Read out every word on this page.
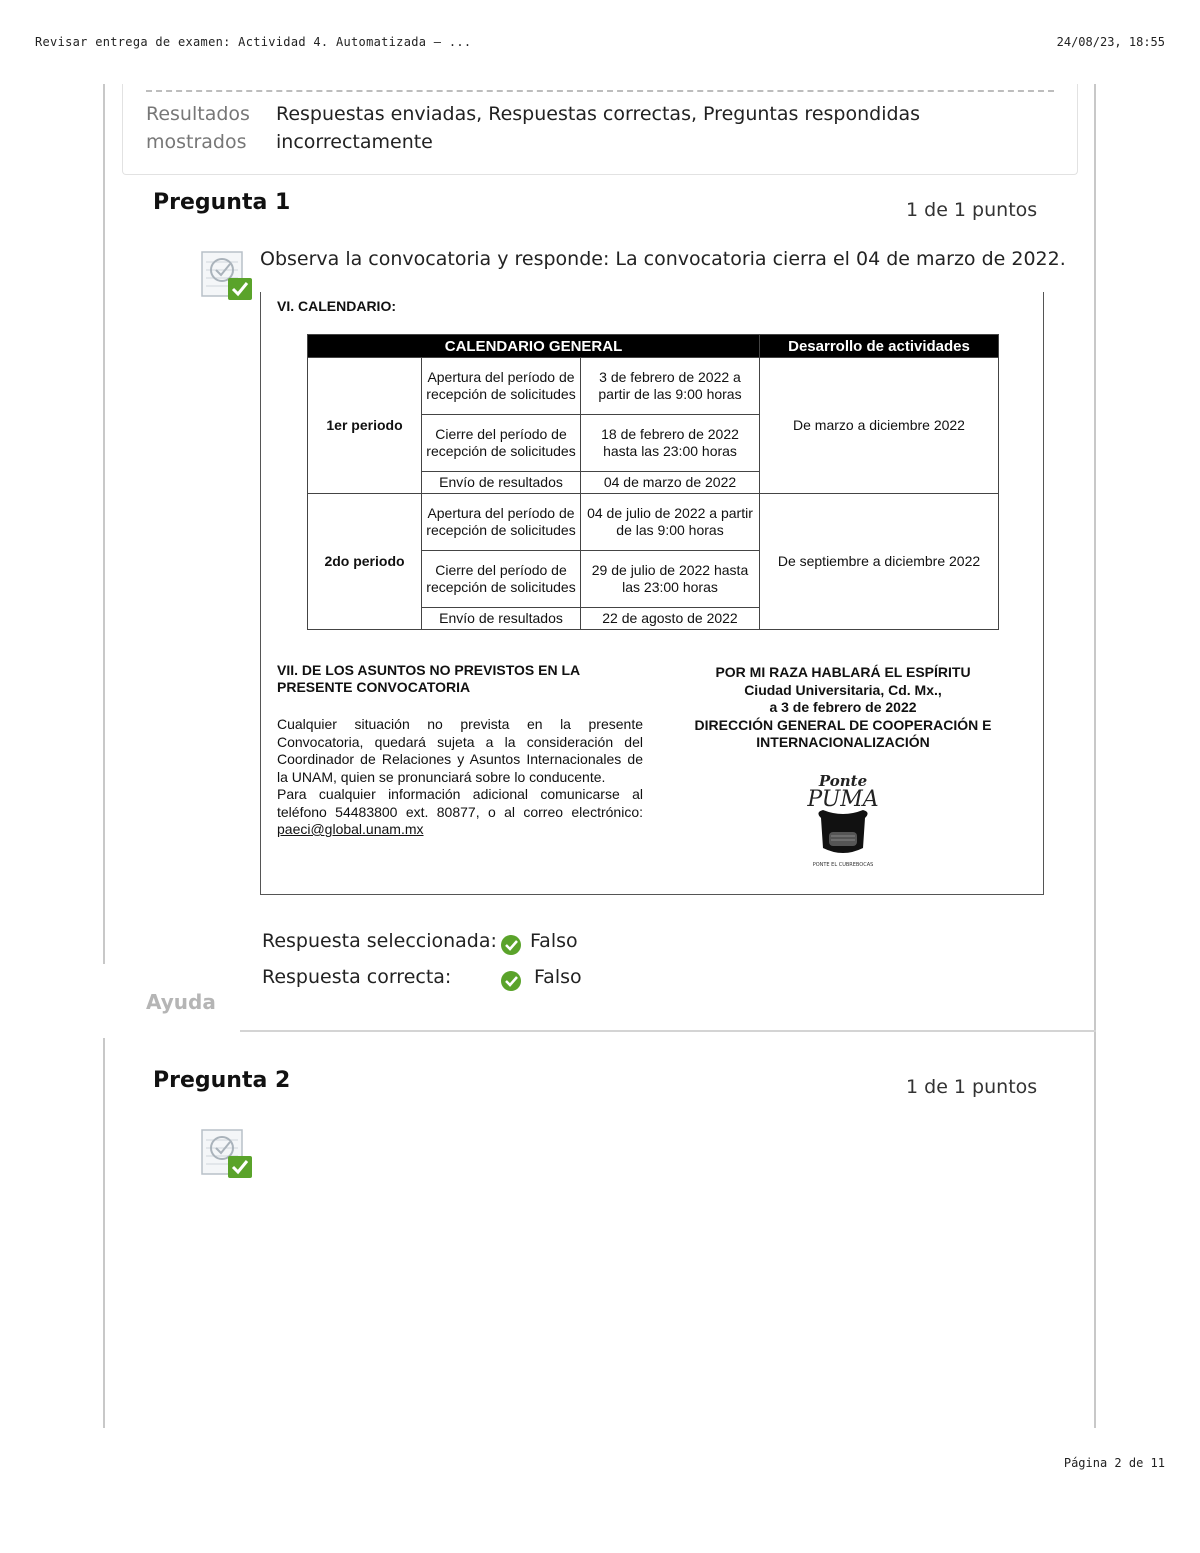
Revisar entrega de examen: Actividad 4. Automatizada – ...	24/08/23, 18:55
Resultados mostrados
Respuestas enviadas, Respuestas correctas, Preguntas respondidas incorrectamente
Pregunta 1	1 de 1 puntos
Observa la convocatoria y responde: La convocatoria cierra el 04 de marzo de 2022.
VI. CALENDARIO:
CALENDARIO GENERAL			Desarrollo de actividades
1er periodo	Apertura del período de recepción de solicitudes	3 de febrero de 2022 a partir de las 9:00 horas	De marzo a diciembre 2022
	Cierre del período de recepción de solicitudes	18 de febrero de 2022 hasta las 23:00 horas	
	Envío de resultados	04 de marzo de 2022	
2do periodo	Apertura del período de recepción de solicitudes	04 de julio de 2022 a partir de las 9:00 horas	De septiembre a diciembre 2022
	Cierre del período de recepción de solicitudes	29 de julio de 2022 hasta las 23:00 horas	
	Envío de resultados	22 de agosto de 2022	
VII. DE LOS ASUNTOS NO PREVISTOS EN LA PRESENTE CONVOCATORIA
Cualquier situación no prevista en la presente Convocatoria, quedará sujeta a la consideración del Coordinador de Relaciones y Asuntos Internacionales de la UNAM, quien se pronunciará sobre lo conducente.
Para cualquier información adicional comunicarse al teléfono 54483800 ext. 80877, o al correo electrónico: paeci@global.unam.mx
POR MI RAZA HABLARÁ EL ESPÍRITU
Ciudad Universitaria, Cd. Mx.,
a 3 de febrero de 2022
DIRECCIÓN GENERAL DE COOPERACIÓN E INTERNACIONALIZACIÓN
Ponte
PUMA
PONTE EL CUBREBOCAS
Respuesta seleccionada: Falso
Respuesta correcta:	Falso
Ayuda
Pregunta 2	1 de 1 puntos
Página 2 de 11
